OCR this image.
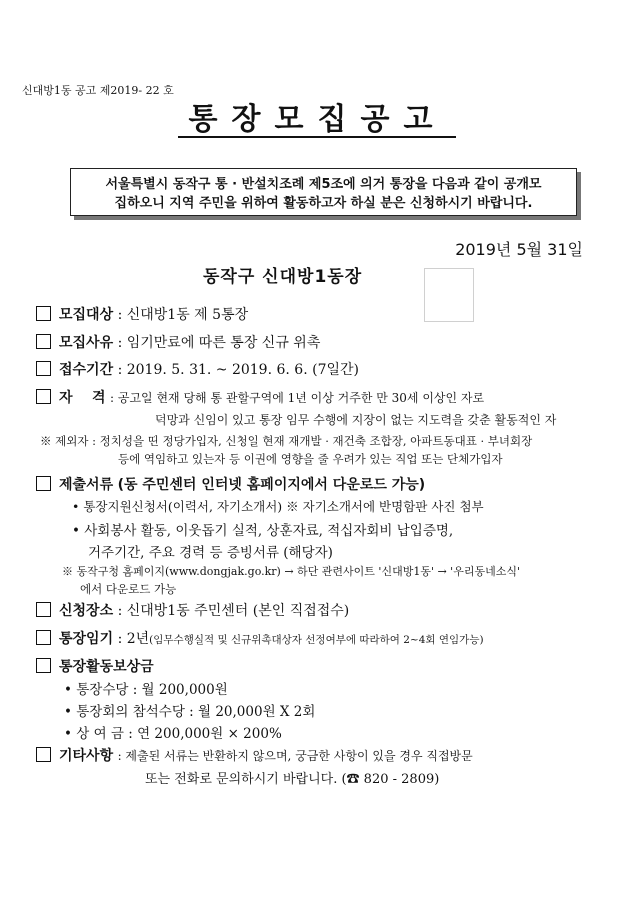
신대방1동 공고 제2019- 22 호
통장모집공고
서울특별시 동작구 통 · 반설치조례 제5조에 의거 통장을 다음과 같이 공개모
집하오니 지역 주민을 위하여 활동하고자 하실 분은 신청하시기 바랍니다.
2019년 5월 31일
동작구 신대방1동장
모집대상 : 신대방1동 제 5통장
모집사유 : 임기만료에 따른 통장 신규 위촉
접수기간 : 2019. 5. 31. ~ 2019. 6. 6. (7일간)
자    격 : 공고일 현재 당해 통 관할구역에 1년 이상 거주한 만 30세 이상인 자로
덕망과 신임이 있고 통장 임무 수행에 지장이 없는 지도력을 갖춘 활동적인 자
※ 제외자 : 정치성을 띤 정당가입자, 신청일 현재 재개발 · 재건축 조합장, 아파트동대표 · 부녀회장
등에 역임하고 있는자 등 이권에 영향을 줄 우려가 있는 직업 또는 단체가입자
제출서류 (동 주민센터 인터넷 홈페이지에서 다운로드 가능)
• 통장지원신청서(이력서, 자기소개서) ※ 자기소개서에 반명함판 사진 첨부
• 사회봉사 활동, 이웃돕기 실적, 상훈자료, 적십자회비 납입증명,
거주기간, 주요 경력 등 증빙서류 (해당자)
※ 동작구청 홈페이지(www.dongjak.go.kr) → 하단 관련사이트 '신대방1동' → '우리동네소식'
에서 다운로드 가능
신청장소 : 신대방1동 주민센터 (본인 직접접수)
통장임기 : 2년(임무수행실적 및 신규위촉대상자 선정여부에 따라하여 2~4회 연임가능)
통장활동보상금
• 통장수당 : 월 200,000원
• 통장회의 참석수당 : 월 20,000원 X 2회
• 상 여 금 : 연 200,000원 × 200%
기타사항 : 제출된 서류는 반환하지 않으며, 궁금한 사항이 있을 경우 직접방문
또는 전화로 문의하시기 바랍니다. (☎ 820 - 2809)
